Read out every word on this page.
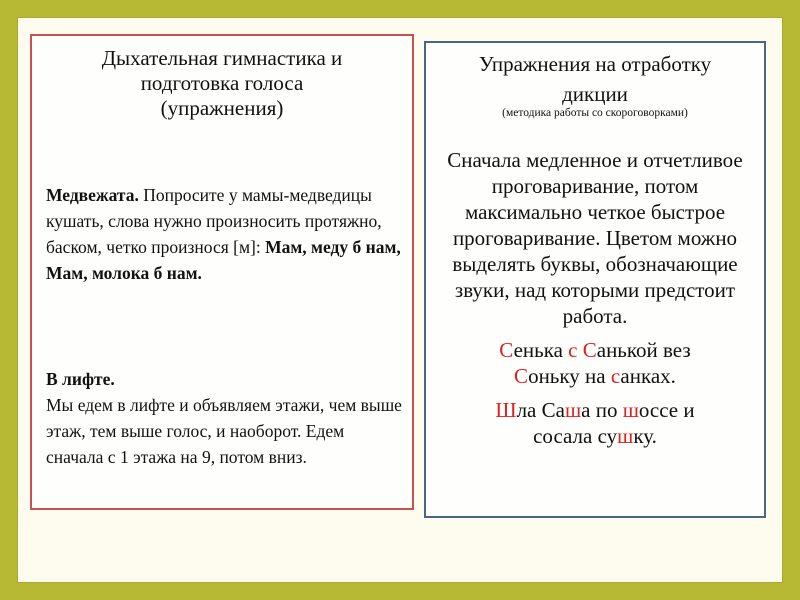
Дыхательная гимнастика и
подготовка голоса
(упражнения)
Медвежата. Попросите у мамы-медведицы кушать, слова нужно произносить протяжно, баском, четко произнося [м]: Мам, меду б нам, Мам, молока б нам.
В лифте.
Мы едем в лифте и объявляем этажи, чем выше этаж, тем выше голос, и наоборот. Едем сначала с 1 этажа на 9, потом вниз.
Упражнения на отработку
дикции
(методика работы со скороговорками)
Сначала медленное и отчетливое проговаривание, потом максимально четкое быстрое проговаривание. Цветом можно выделять буквы, обозначающие звуки, над которыми предстоит работа.
Сенька с Санькой вез
Соньку на санках.
Шла Саша по шоссе и
сосала сушку.
